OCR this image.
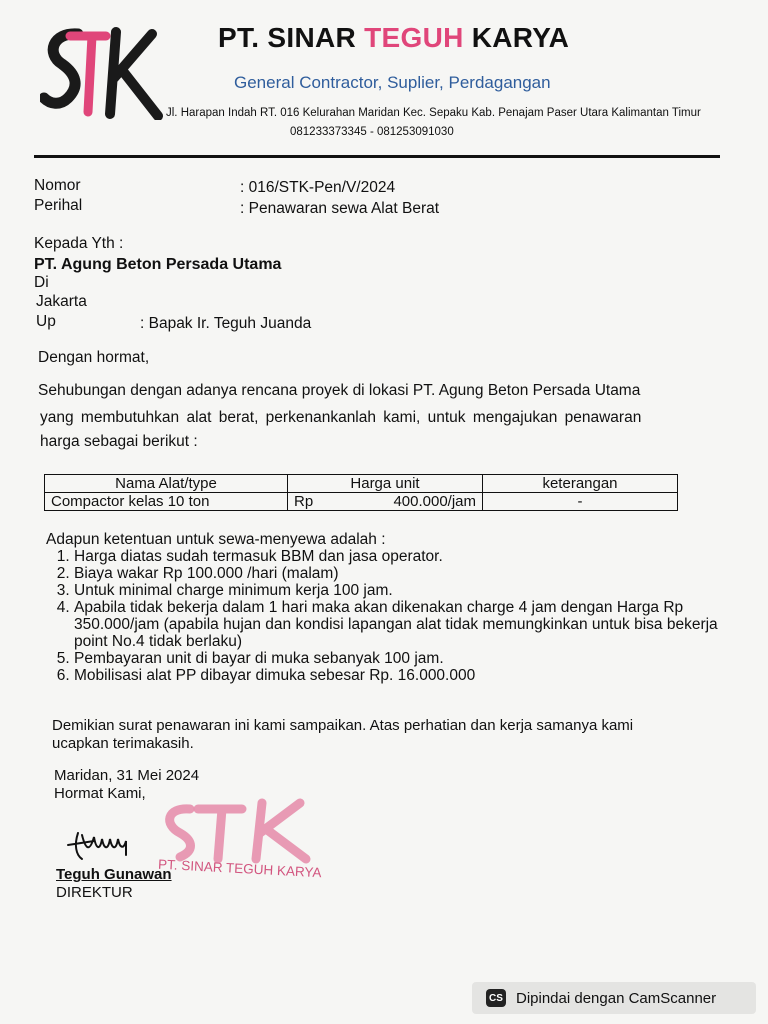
PT. SINAR TEGUH KARYA
General Contractor, Suplier, Perdagangan
Jl. Harapan Indah RT. 016 Kelurahan Maridan Kec. Sepaku Kab. Penajam Paser Utara Kalimantan Timur
081233373345 - 081253091030
Nomor	: 016/STK-Pen/V/2024
Perihal	: Penawaran sewa Alat Berat
Kepada Yth :
PT. Agung Beton Persada Utama
Di
Jakarta
Up	: Bapak Ir. Teguh Juanda
Dengan hormat,
Sehubungan dengan adanya rencana proyek di lokasi PT. Agung Beton Persada Utama
yang membutuhkan alat berat, perkenankanlah kami, untuk mengajukan penawaran
harga sebagai berikut :
Nama Alat/type	Harga unit		keterangan
Compactor kelas 10 ton	Rp	400.000/jam	-
Adapun ketentuan untuk sewa-menyewa adalah :
1. Harga diatas sudah termasuk BBM dan jasa operator.
2. Biaya wakar Rp 100.000 /hari (malam)
3. Untuk minimal charge minimum kerja 100 jam.
4. Apabila tidak bekerja dalam 1 hari maka akan dikenakan charge 4 jam dengan Harga Rp 350.000/jam (apabila hujan dan kondisi lapangan alat tidak memungkinkan untuk bisa bekerja point No.4 tidak berlaku)
5. Pembayaran unit di bayar di muka sebanyak 100 jam.
6. Mobilisasi alat PP dibayar dimuka sebesar Rp. 16.000.000
Demikian surat penawaran ini kami sampaikan. Atas perhatian dan kerja samanya kami
ucapkan terimakasih.
Maridan, 31 Mei 2024
Hormat Kami,
PT. SINAR TEGUH KARYA
Teguh Gunawan
DIREKTUR
CS Dipindai dengan CamScanner
